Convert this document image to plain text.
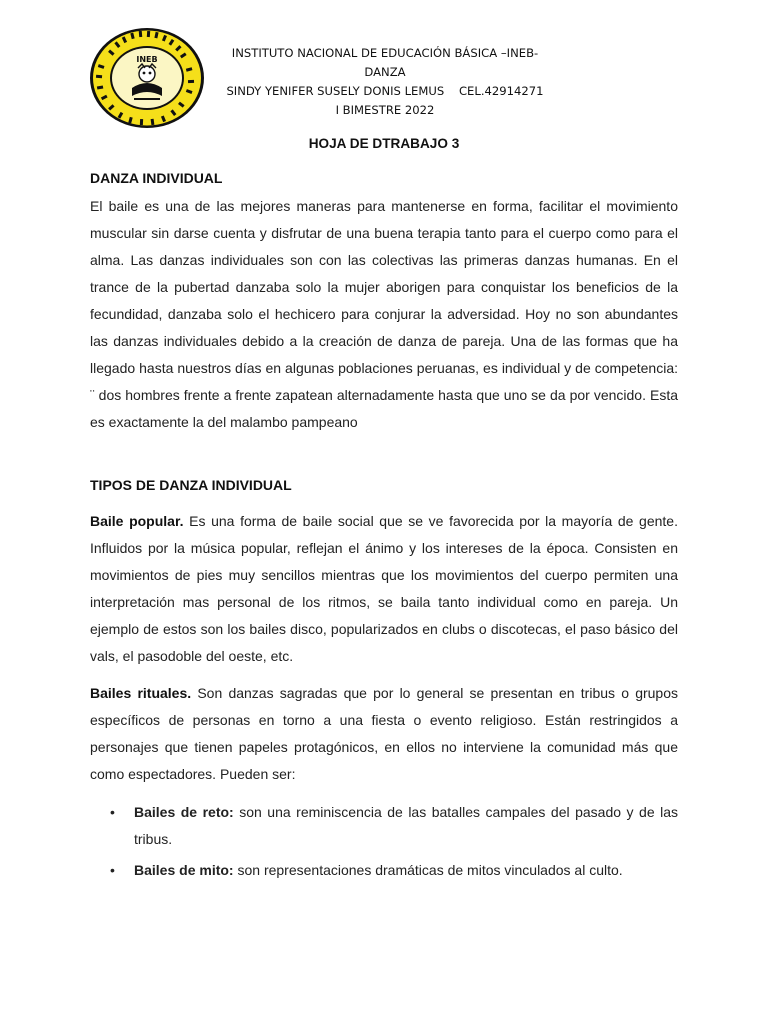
INEB	INSTITUTO NACIONAL DE EDUCACIÓN BÁSICA –INEB-
DANZA
SINDY YENIFER SUSELY DONIS LEMUS    CEL.42914271
I BIMESTRE 2022
HOJA DE DTRABAJO 3
DANZA INDIVIDUAL
El baile es una de las mejores maneras para mantenerse en forma, facilitar el movimiento muscular sin darse cuenta y disfrutar de una buena terapia tanto para el cuerpo como para el alma. Las danzas individuales son con las colectivas las primeras danzas humanas. En el trance de la pubertad danzaba solo la mujer aborigen para conquistar los beneficios de la fecundidad, danzaba solo el hechicero para conjurar la adversidad. Hoy no son abundantes las danzas individuales debido a la creación de danza de pareja. Una de las formas que ha llegado hasta nuestros días en algunas poblaciones peruanas, es individual y de competencia: ¨ dos hombres frente a frente zapatean alternadamente hasta que uno se da por vencido. Esta es exactamente la del malambo pampeano
TIPOS DE DANZA INDIVIDUAL
Baile popular. Es una forma de baile social que se ve favorecida por la mayoría de gente. Influidos por la música popular, reflejan el ánimo y los intereses de la época. Consisten en movimientos de pies muy sencillos mientras que los movimientos del cuerpo permiten una interpretación mas personal de los ritmos, se baila tanto individual como en pareja. Un ejemplo de estos son los bailes disco, popularizados en clubs o discotecas, el paso básico del vals, el pasodoble del oeste, etc.
Bailes rituales. Son danzas sagradas que por lo general se presentan en tribus o grupos específicos de personas en torno a una fiesta o evento religioso. Están restringidos a personajes que tienen papeles protagónicos, en ellos no interviene la comunidad más que como espectadores. Pueden ser:
• Bailes de reto: son una reminiscencia de las batalles campales del pasado y de las tribus.
• Bailes de mito: son representaciones dramáticas de mitos vinculados al culto.
